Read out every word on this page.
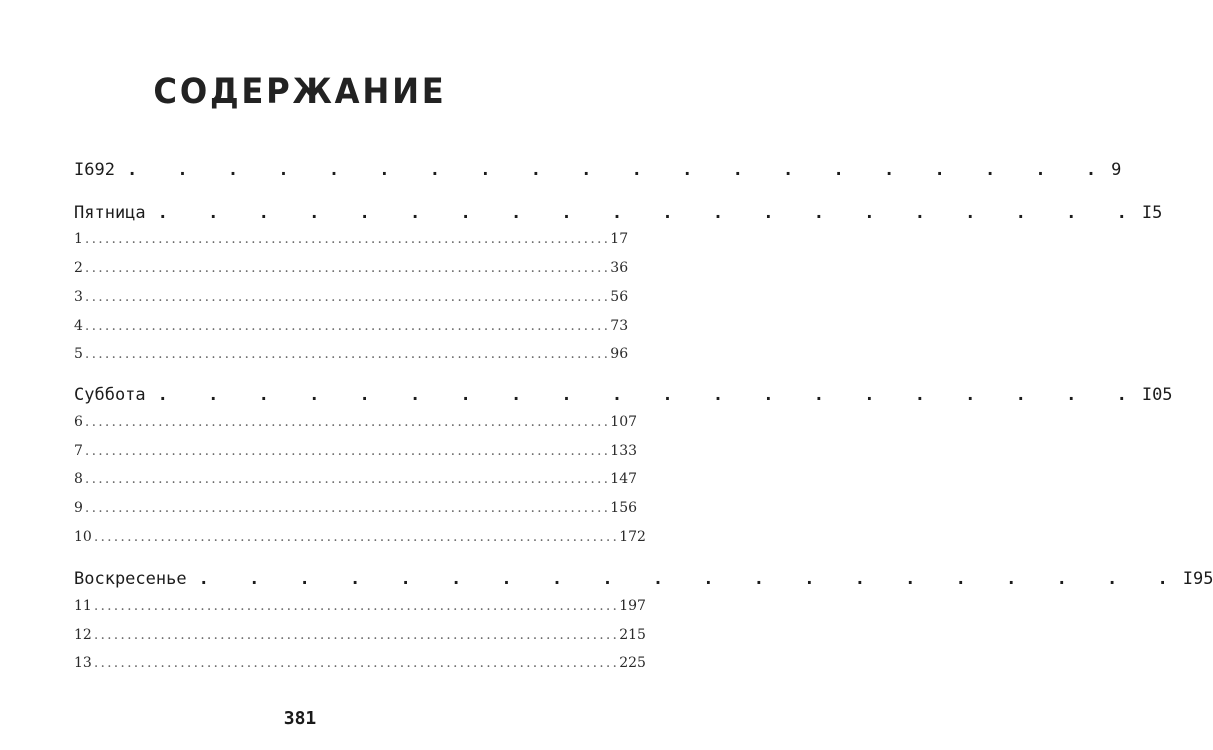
СОДЕРЖАНИЕ
I692 . . . . . . . . . . . . . . . . . . . . 9
Пятница . . . . . . . . . . . . . . . . . . . . I5
1 ............................................................................... 17
2 ............................................................................... 36
3 ............................................................................... 56
4 ............................................................................... 73
5 ............................................................................... 96
Суббота . . . . . . . . . . . . . . . . . . . . I05
6 ............................................................................... 107
7 ............................................................................... 133
8 ............................................................................... 147
9 ............................................................................... 156
10 ............................................................................... 172
Воскресенье . . . . . . . . . . . . . . . . . . . . I95
11 ............................................................................... 197
12 ............................................................................... 215
13 ............................................................................... 225
381
